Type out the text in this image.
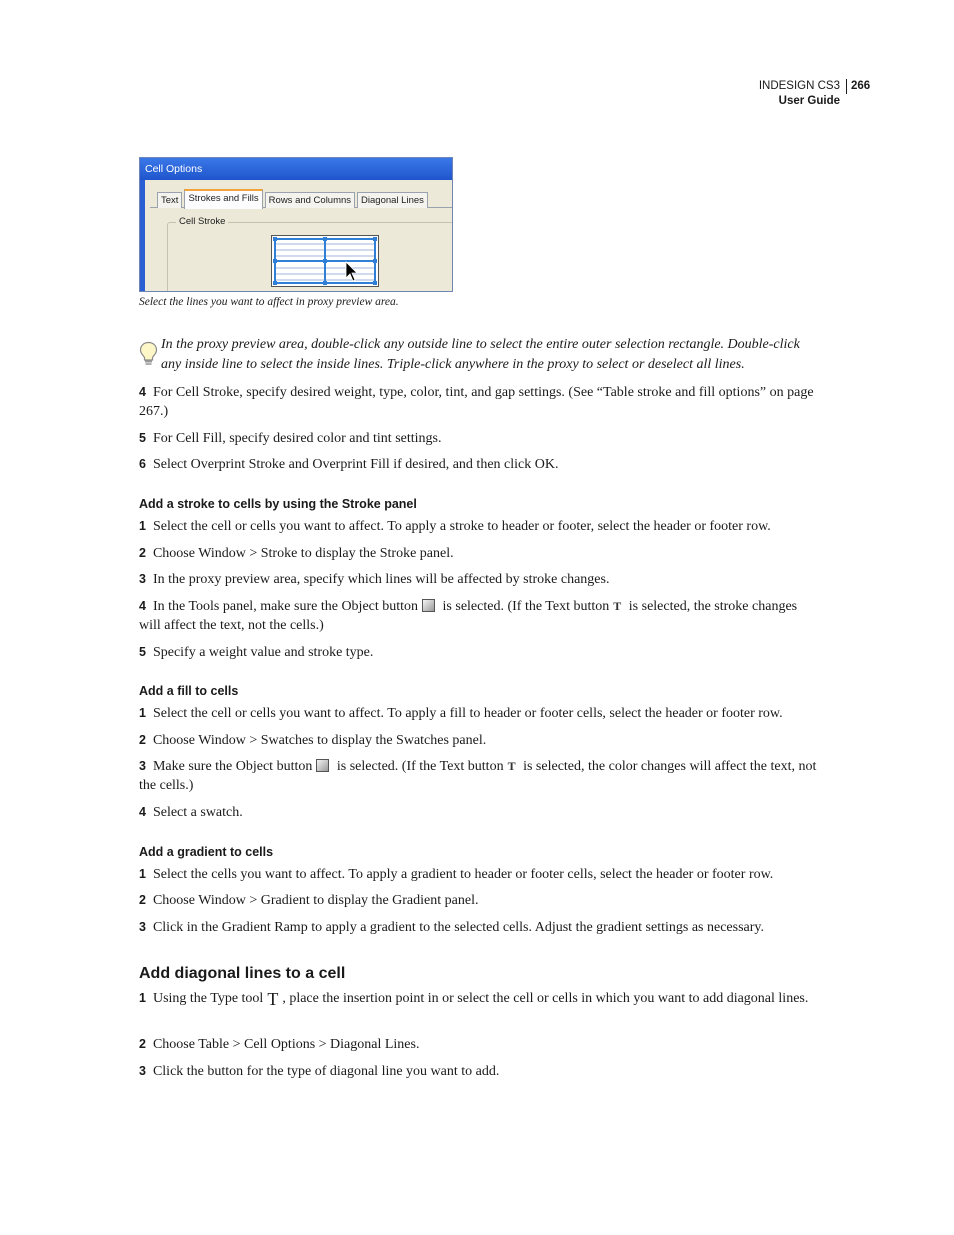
INDESIGN CS3 266
User Guide
Cell Options
Text	Strokes and Fills	Rows and Columns	Diagonal Lines
Cell Stroke
Select the lines you want to affect in proxy preview area.
In the proxy preview area, double-click any outside line to select the entire outer selection rectangle. Double-click any inside line to select the inside lines. Triple-click anywhere in the proxy to select or deselect all lines.
4 For Cell Stroke, specify desired weight, type, color, tint, and gap settings. (See “Table stroke and fill options” on page 267.)
5 For Cell Fill, specify desired color and tint settings.
6 Select Overprint Stroke and Overprint Fill if desired, and then click OK.
Add a stroke to cells by using the Stroke panel
1 Select the cell or cells you want to affect. To apply a stroke to header or footer, select the header or footer row.
2 Choose Window > Stroke to display the Stroke panel.
3 In the proxy preview area, specify which lines will be affected by stroke changes.
4 In the Tools panel, make sure the Object button is selected. (If the Text button T is selected, the stroke changes will affect the text, not the cells.)
5 Specify a weight value and stroke type.
Add a fill to cells
1 Select the cell or cells you want to affect. To apply a fill to header or footer cells, select the header or footer row.
2 Choose Window > Swatches to display the Swatches panel.
3 Make sure the Object button is selected. (If the Text button T is selected, the color changes will affect the text, not the cells.)
4 Select a swatch.
Add a gradient to cells
1 Select the cells you want to affect. To apply a gradient to header or footer cells, select the header or footer row.
2 Choose Window > Gradient to display the Gradient panel.
3 Click in the Gradient Ramp to apply a gradient to the selected cells. Adjust the gradient settings as necessary.
Add diagonal lines to a cell
1 Using the Type tool T , place the insertion point in or select the cell or cells in which you want to add diagonal lines.
2 Choose Table > Cell Options > Diagonal Lines.
3 Click the button for the type of diagonal line you want to add.
